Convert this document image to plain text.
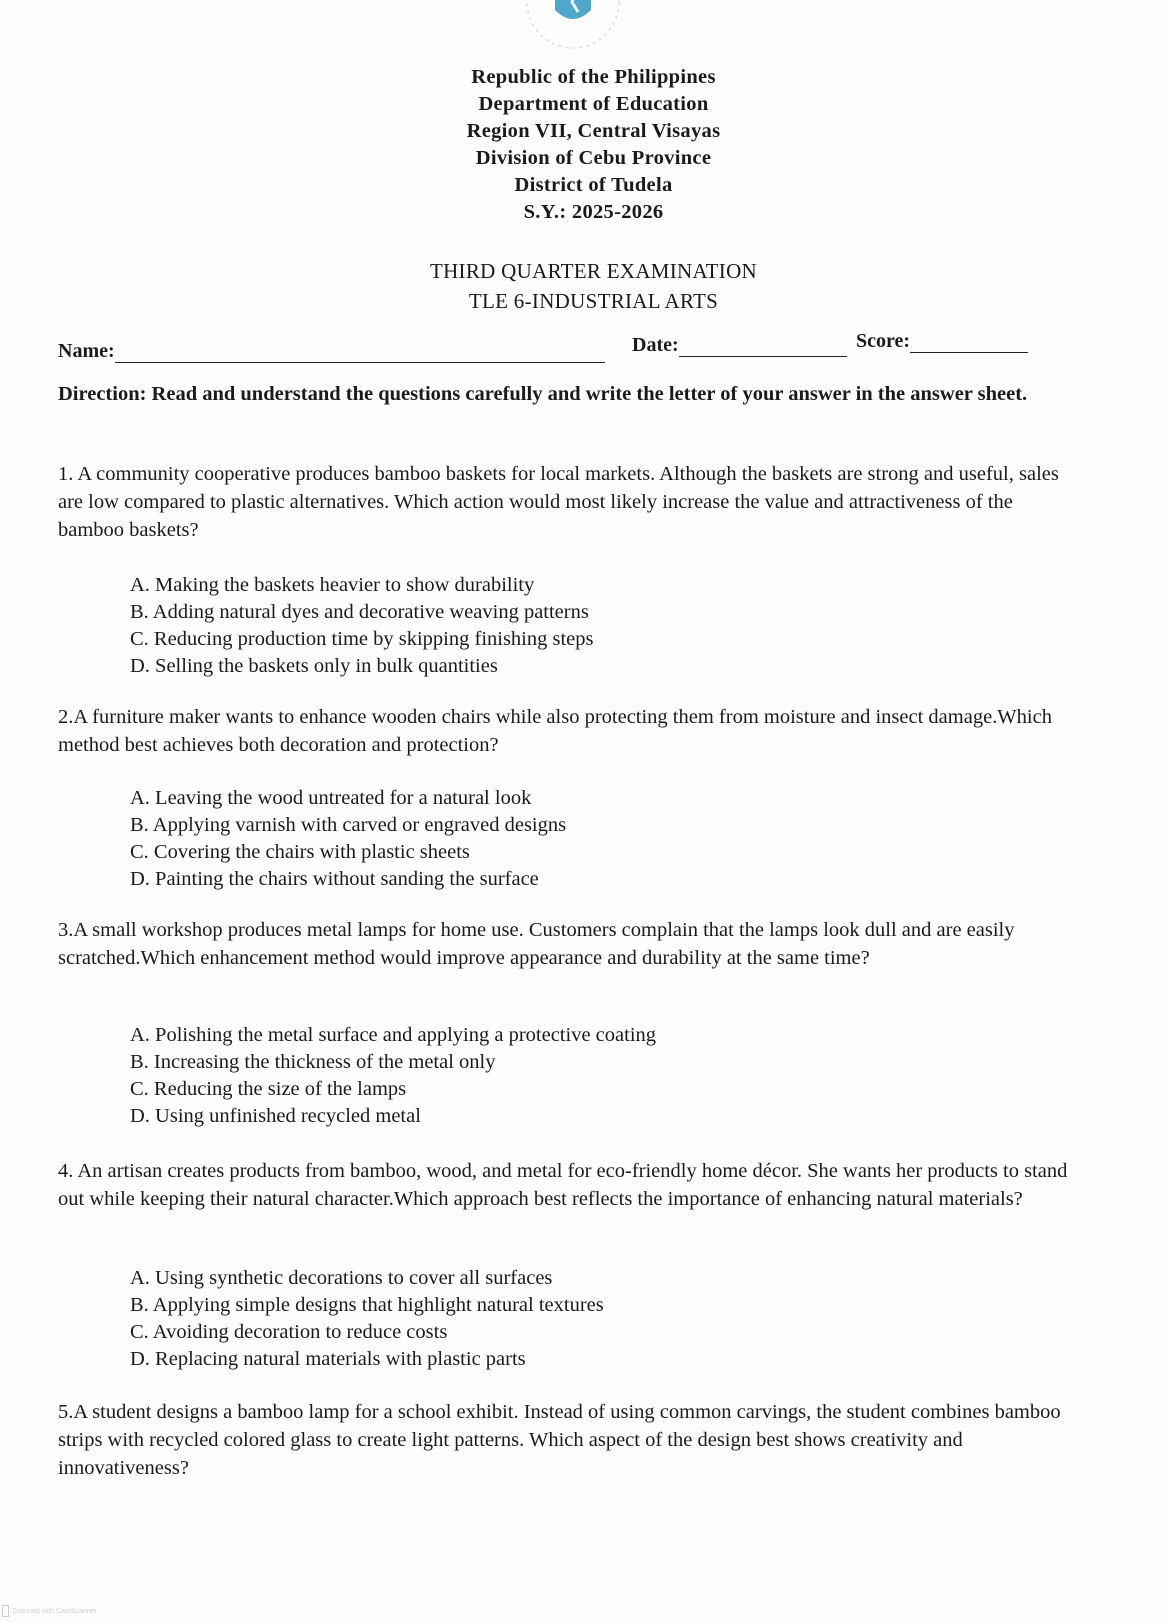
Republic of the Philippines
Department of Education
Region VII, Central Visayas
Division of Cebu Province
District of Tudela
S.Y.: 2025-2026
THIRD QUARTER EXAMINATION
TLE 6-INDUSTRIAL ARTS
Name:	Date:	Score:
Direction: Read and understand the questions carefully and write the letter of your answer in the answer sheet.
1. A community cooperative produces bamboo baskets for local markets. Although the baskets are strong and useful, sales are low compared to plastic alternatives. Which action would most likely increase the value and attractiveness of the bamboo baskets?
A. Making the baskets heavier to show durability
B. Adding natural dyes and decorative weaving patterns
C. Reducing production time by skipping finishing steps
D. Selling the baskets only in bulk quantities
2.A furniture maker wants to enhance wooden chairs while also protecting them from moisture and insect damage.Which method best achieves both decoration and protection?
A. Leaving the wood untreated for a natural look
B. Applying varnish with carved or engraved designs
C. Covering the chairs with plastic sheets
D. Painting the chairs without sanding the surface
3.A small workshop produces metal lamps for home use. Customers complain that the lamps look dull and are easily scratched.Which enhancement method would improve appearance and durability at the same time?
A. Polishing the metal surface and applying a protective coating
B. Increasing the thickness of the metal only
C. Reducing the size of the lamps
D. Using unfinished recycled metal
4. An artisan creates products from bamboo, wood, and metal for eco-friendly home décor. She wants her products to stand out while keeping their natural character.Which approach best reflects the importance of enhancing natural materials?
A. Using synthetic decorations to cover all surfaces
B. Applying simple designs that highlight natural textures
C. Avoiding decoration to reduce costs
D. Replacing natural materials with plastic parts
5.A student designs a bamboo lamp for a school exhibit. Instead of using common carvings, the student combines bamboo strips with recycled colored glass to create light patterns. Which aspect of the design best shows creativity and innovativeness?
Scanned with CamScanner
